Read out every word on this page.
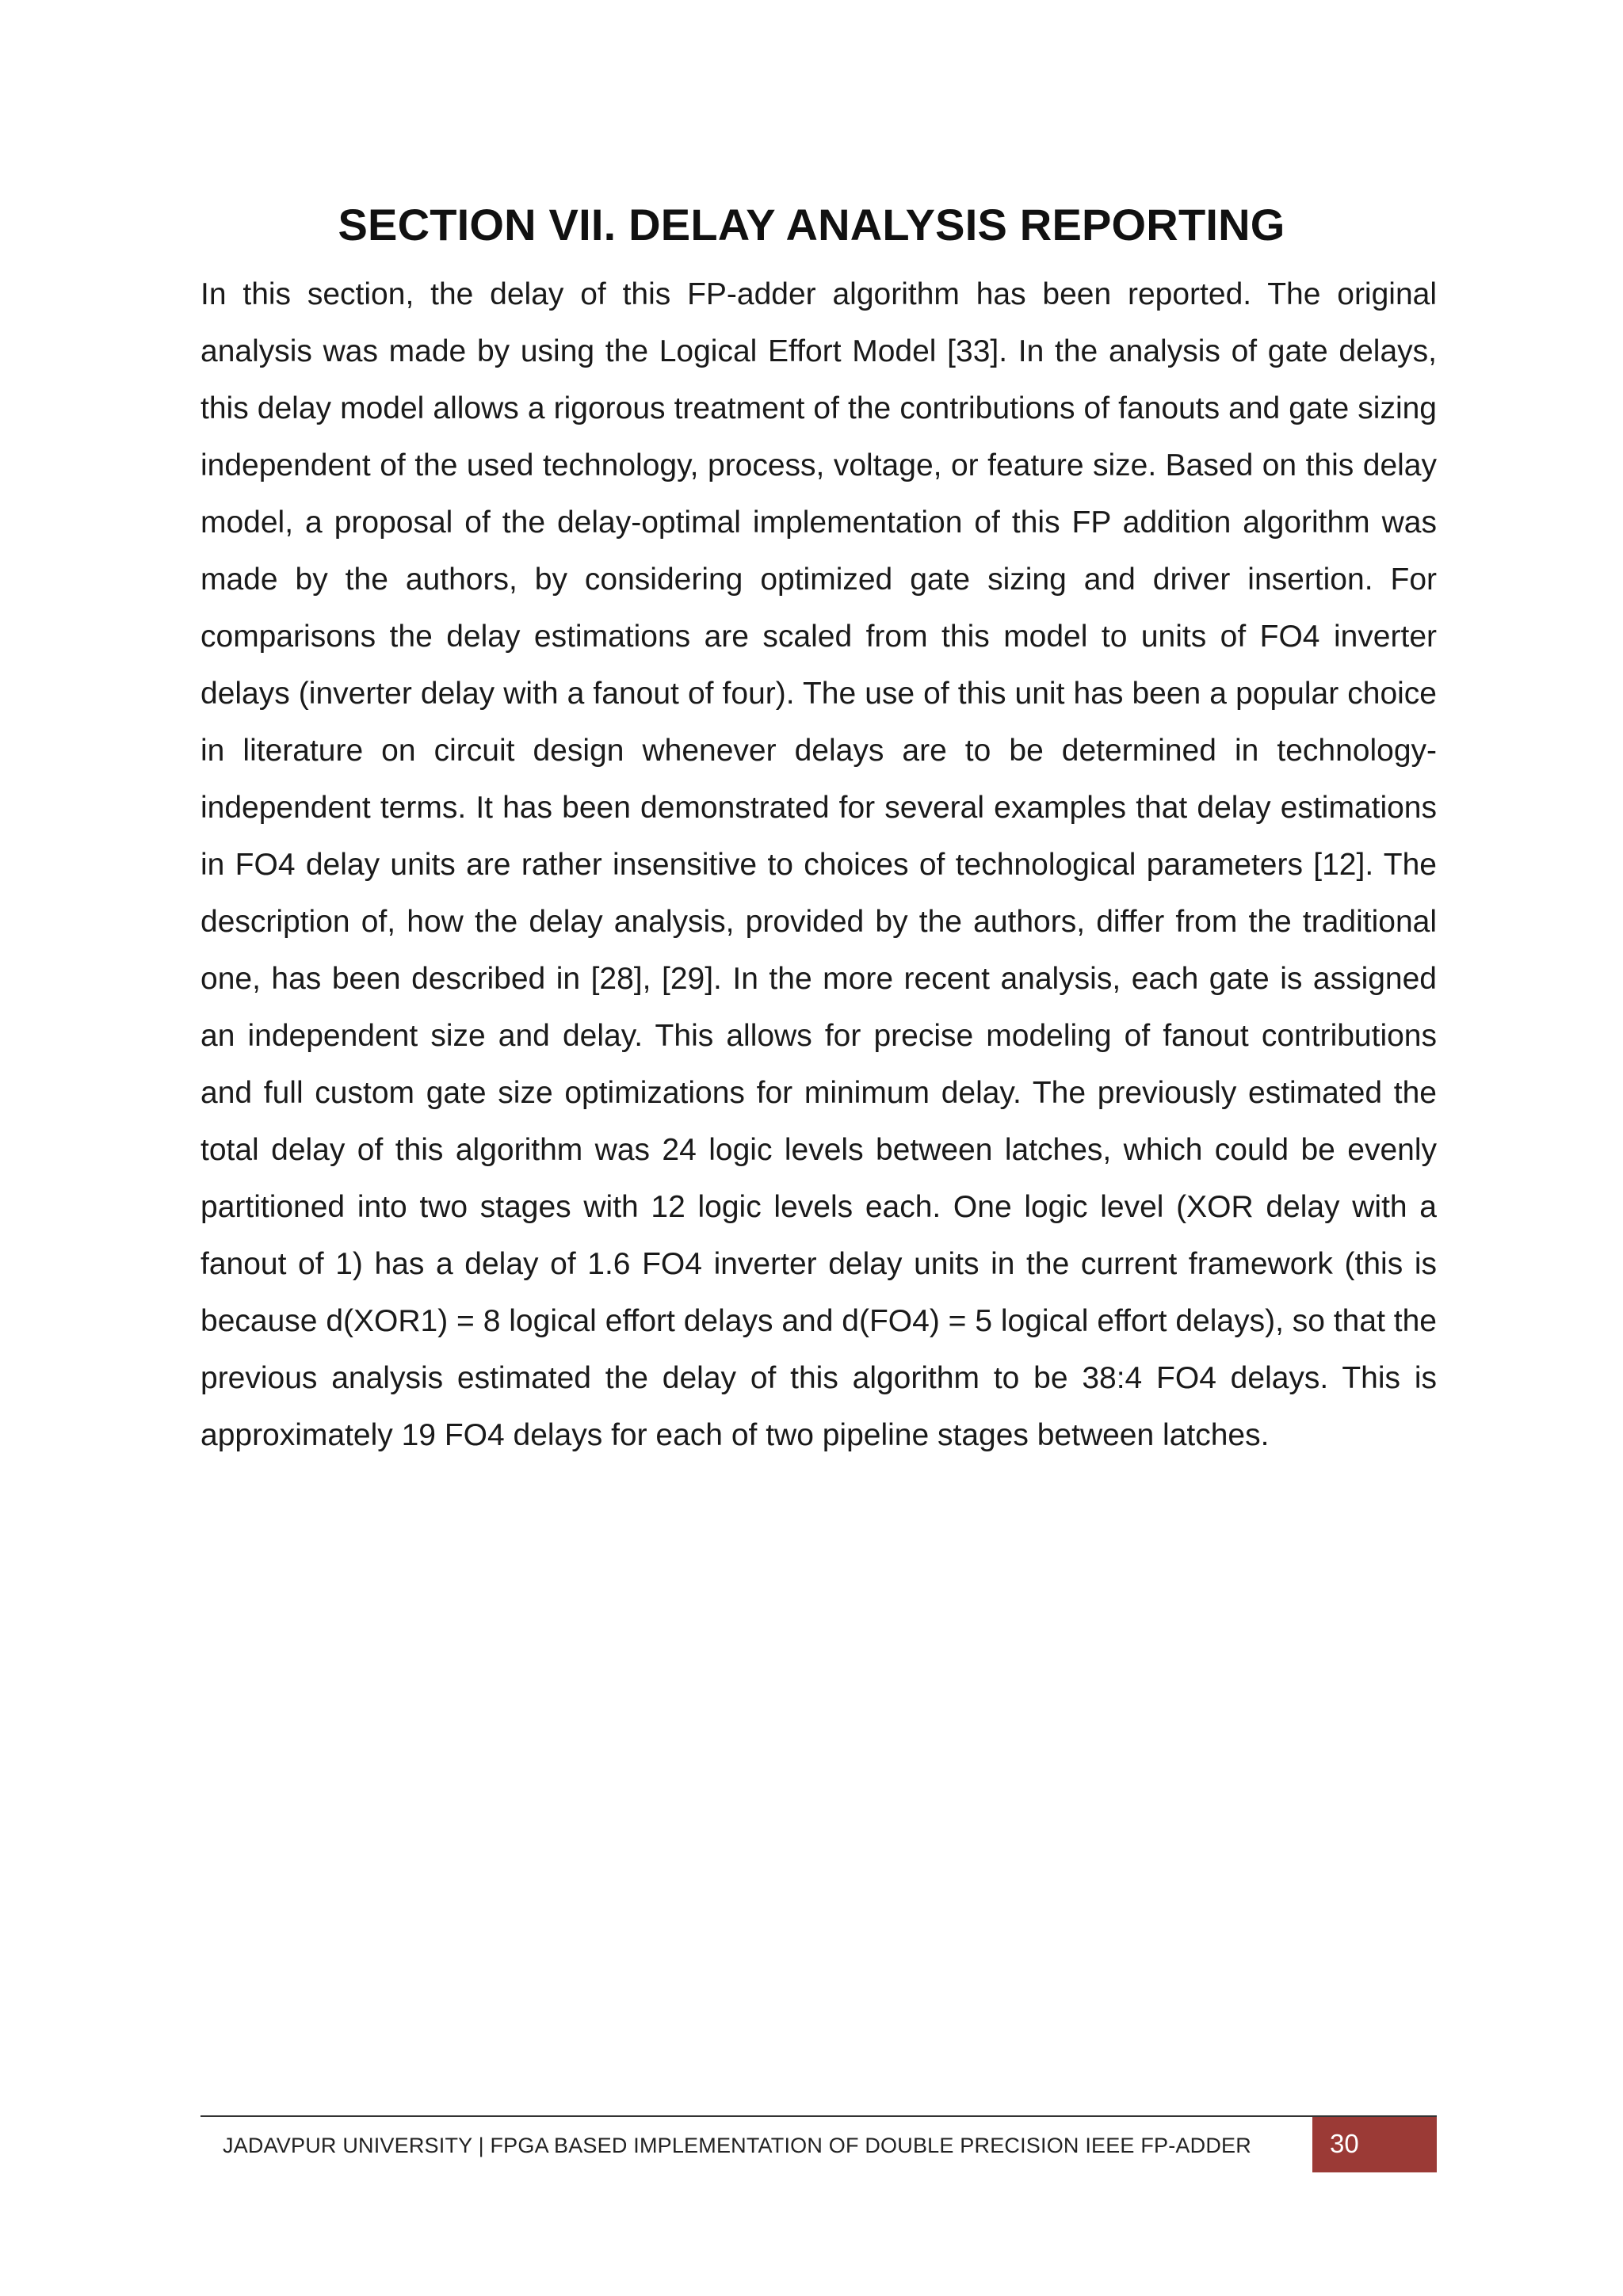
SECTION VII. DELAY ANALYSIS REPORTING

In this section, the delay of this FP-adder algorithm has been reported. The original analysis was made by using the Logical Effort Model [33]. In the analysis of gate delays, this delay model allows a rigorous treatment of the contributions of fanouts and gate sizing independent of the used technology, process, voltage, or feature size. Based on this delay model, a proposal of the delay-optimal implementation of this FP addition algorithm was made by the authors, by considering optimized gate sizing and driver insertion. For comparisons the delay estimations are scaled from this model to units of FO4 inverter delays (inverter delay with a fanout of four). The use of this unit has been a popular choice in literature on circuit design whenever delays are to be determined in technology-independent terms. It has been demonstrated for several examples that delay estimations in FO4 delay units are rather insensitive to choices of technological parameters [12]. The description of, how the delay analysis, provided by the authors, differ from the traditional one, has been described in [28], [29]. In the more recent analysis, each gate is assigned an independent size and delay. This allows for precise modeling of fanout contributions and full custom gate size optimizations for minimum delay. The previously estimated the total delay of this algorithm was 24 logic levels between latches, which could be evenly partitioned into two stages with 12 logic levels each. One logic level (XOR delay with a fanout of 1) has a delay of 1.6 FO4 inverter delay units in the current framework (this is because d(XOR1) = 8 logical effort delays and d(FO4) = 5 logical effort delays), so that the previous analysis estimated the delay of this algorithm to be 38:4 FO4 delays. This is approximately 19 FO4 delays for each of two pipeline stages between latches.

JADAVPUR UNIVERSITY | FPGA BASED IMPLEMENTATION OF DOUBLE PRECISION IEEE FP-ADDER	30
